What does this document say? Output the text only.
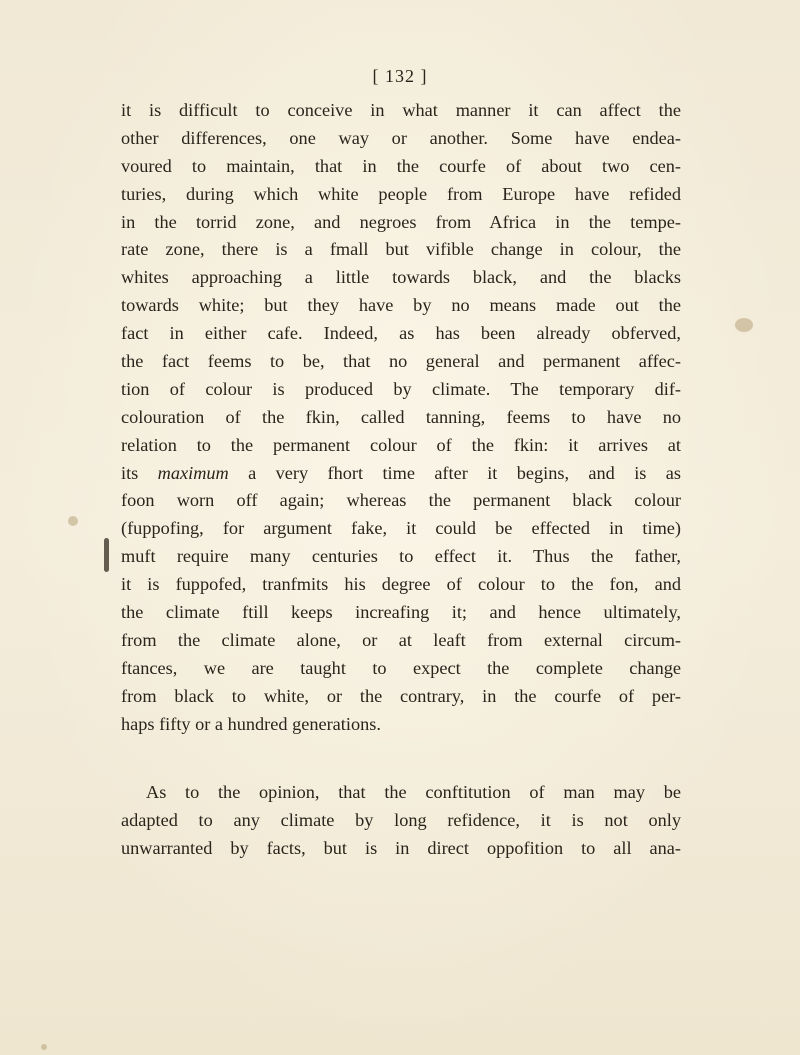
[ 132 ]
it is difficult to conceive in what manner it can affect the
other differences, one way or another. Some have endea-
voured to maintain, that in the courfe of about two cen-
turies, during which white people from Europe have refided
in the torrid zone, and negroes from Africa in the tempe-
rate zone, there is a fmall but vifible change in colour, the
whites approaching a little towards black, and the blacks
towards white; but they have by no means made out the
fact in either cafe. Indeed, as has been already obferved,
the fact feems to be, that no general and permanent affec-
tion of colour is produced by climate. The temporary dif-
colouration of the fkin, called tanning, feems to have no
relation to the permanent colour of the fkin: it arrives at
its maximum a very fhort time after it begins, and is as
foon worn off again; whereas the permanent black colour
(fuppofing, for argument fake, it could be effected in time)
muft require many centuries to effect it. Thus the father,
it is fuppofed, tranfmits his degree of colour to the fon, and
the climate ftill keeps increafing it; and hence ultimately,
from the climate alone, or at leaft from external circum-
ftances, we are taught to expect the complete change
from black to white, or the contrary, in the courfe of per-
haps fifty or a hundred generations.
As to the opinion, that the conftitution of man may be
adapted to any climate by long refidence, it is not only
unwarranted by facts, but is in direct oppofition to all ana-
